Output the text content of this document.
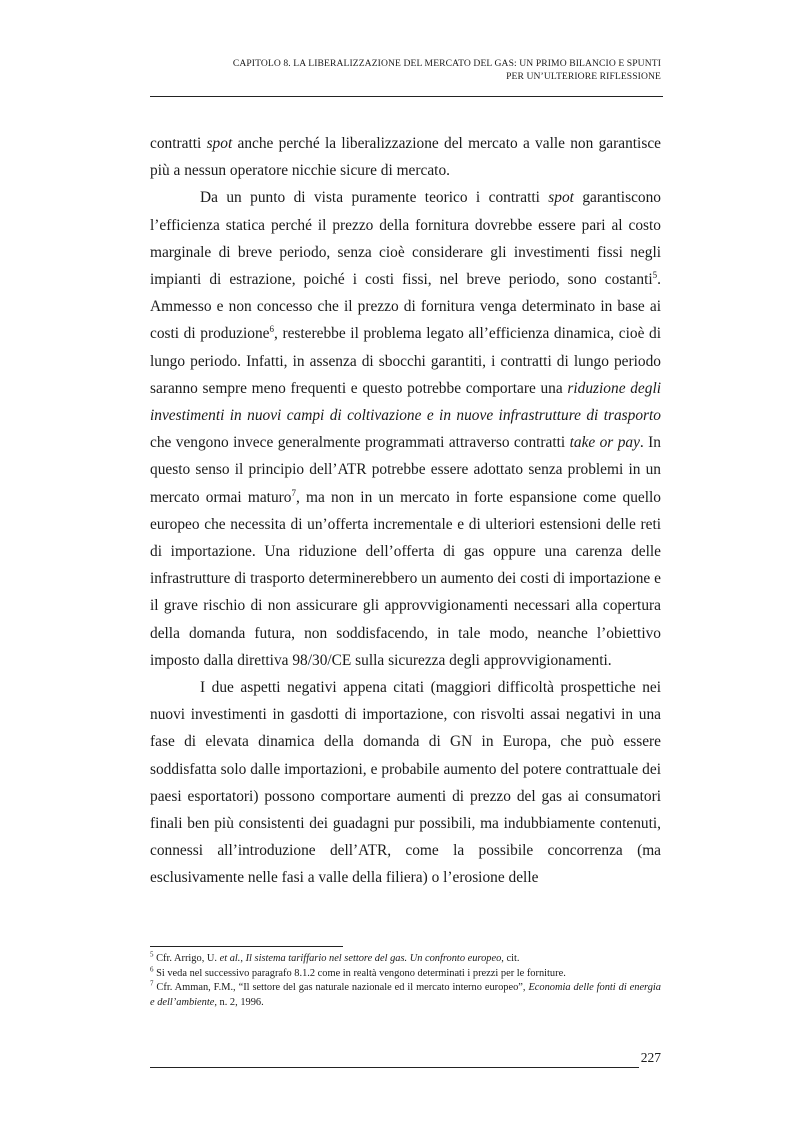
CAPITOLO 8. LA LIBERALIZZAZIONE DEL MERCATO DEL GAS: UN PRIMO BILANCIO E SPUNTI
PER UN’ULTERIORE RIFLESSIONE

contratti spot anche perché la liberalizzazione del mercato a valle non garantisce più a nessun operatore nicchie sicure di mercato.

Da un punto di vista puramente teorico i contratti spot garantiscono l’efficienza statica perché il prezzo della fornitura dovrebbe essere pari al costo marginale di breve periodo, senza cioè considerare gli investimenti fissi negli impianti di estrazione, poiché i costi fissi, nel breve periodo, sono costanti$^5$. Ammesso e non concesso che il prezzo di fornitura venga determinato in base ai costi di produzione$^6$, resterebbe il problema legato all’efficienza dinamica, cioè di lungo periodo. Infatti, in assenza di sbocchi garantiti, i contratti di lungo periodo saranno sempre meno frequenti e questo potrebbe comportare una riduzione degli investimenti in nuovi campi di coltivazione e in nuove infrastrutture di trasporto che vengono invece generalmente programmati attraverso contratti take or pay. In questo senso il principio dell’ATR potrebbe essere adottato senza problemi in un mercato ormai maturo$^7$, ma non in un mercato in forte espansione come quello europeo che necessita di un’offerta incrementale e di ulteriori estensioni delle reti di importazione. Una riduzione dell’offerta di gas oppure una carenza delle infrastrutture di trasporto determinerebbero un aumento dei costi di importazione e il grave rischio di non assicurare gli approvvigionamenti necessari alla copertura della domanda futura, non soddisfacendo, in tale modo, neanche l’obiettivo imposto dalla direttiva 98/30/CE sulla sicurezza degli approvvigionamenti.

I due aspetti negativi appena citati (maggiori difficoltà prospettiche nei nuovi investimenti in gasdotti di importazione, con risvolti assai negativi in una fase di elevata dinamica della domanda di GN in Europa, che può essere soddisfatta solo dalle importazioni, e probabile aumento del potere contrattuale dei paesi esportatori) possono comportare aumenti di prezzo del gas ai consumatori finali ben più consistenti dei guadagni pur possibili, ma indubbiamente contenuti, connessi all’introduzione dell’ATR, come la possibile concorrenza (ma esclusivamente nelle fasi a valle della filiera) o l’erosione delle

$^5$ Cfr. Arrigo, U. et al., Il sistema tariffario nel settore del gas. Un confronto europeo, cit.

$^6$ Si veda nel successivo paragrafo 8.1.2 come in realtà vengono determinati i prezzi per le forniture.

$^7$ Cfr. Amman, F.M., “Il settore del gas naturale nazionale ed il mercato interno europeo”, Economia delle fonti di energia e dell’ambiente, n. 2, 1996.

227
